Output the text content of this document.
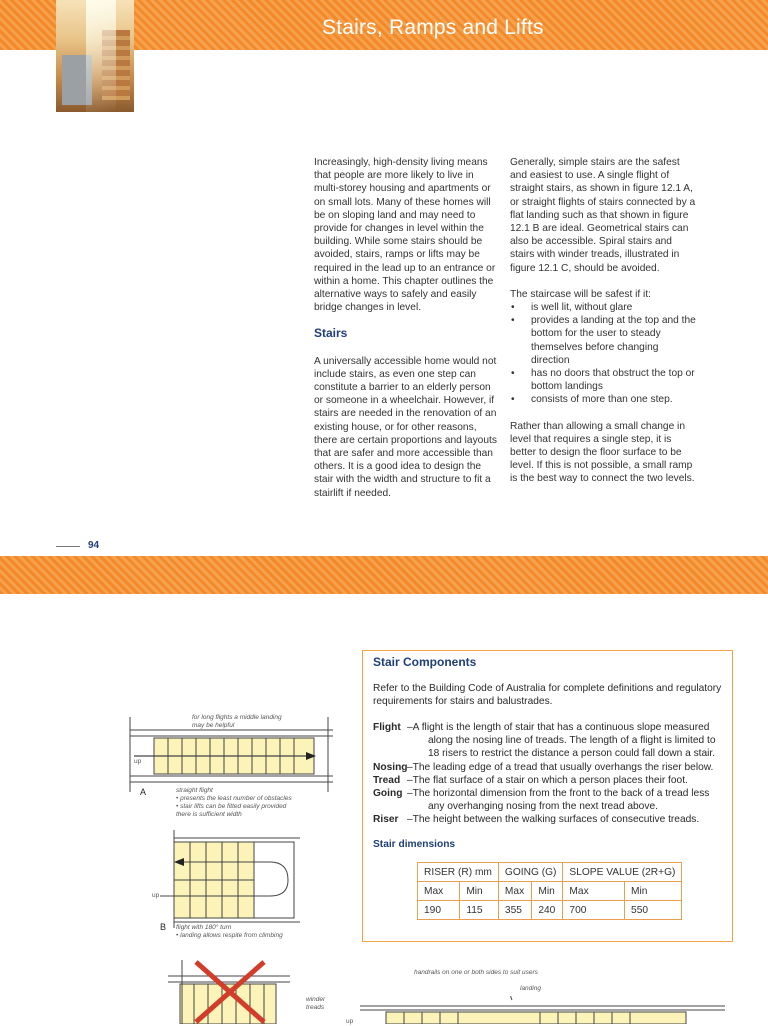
Stairs, Ramps and Lifts

Increasingly, high-density living means that people are more likely to live in multi-storey housing and apartments or on small lots. Many of these homes will be on sloping land and may need to provide for changes in level within the building. While some stairs should be avoided, stairs, ramps or lifts may be required in the lead up to an entrance or within a home. This chapter outlines the alternative ways to safely and easily bridge changes in level.

Stairs

A universally accessible home would not include stairs, as even one step can constitute a barrier to an elderly person or someone in a wheelchair. However, if stairs are needed in the renovation of an existing house, or for other reasons, there are certain proportions and layouts that are safer and more accessible than others. It is a good idea to design the stair with the width and structure to fit a stairlift if needed.

Generally, simple stairs are the safest and easiest to use. A single flight of straight stairs, as shown in figure 12.1 A, or straight flights of stairs connected by a flat landing such as that shown in figure 12.1 B are ideal. Geometrical stairs can also be accessible. Spiral stairs and stairs with winder treads, illustrated in figure 12.1 C, should be avoided.

The staircase will be safest if it:
• is well lit, without glare
• provides a landing at the top and the bottom for the user to steady themselves before changing direction
• has no doors that obstruct the top or bottom landings
• consists of more than one step.

Rather than allowing a small change in level that requires a single step, it is better to design the floor surface to be level. If this is not possible, a small ramp is the best way to connect the two levels.

94
for long flights a middle landing may be helpful
up
A	straight flight
• presents the least number of obstacles
• stair lifts can be fitted easily provided
there is sufficient width
up
B flight with 180° turn
• landing allows respite from climbing
winder treads
handrails on one or both sides to suit users
landing
up
Stair Components
Refer to the Building Code of Australia for complete definitions and regulatory requirements for stairs and balustrades.
Flight –A flight is the length of stair that has a continuous slope measured
along the nosing line of treads. The length of a flight is limited to
18 risers to restrict the distance a person could fall down a stair.
Nosing –The leading edge of a tread that usually overhangs the riser below.
Tread –The flat surface of a stair on which a person places their foot.
Going –The horizontal dimension from the front to the back of a tread less
any overhanging nosing from the next tread above.
Riser –The height between the walking surfaces of consecutive treads.
Stair dimensions
RISER (R) mm		GOING (G)		SLOPE VALUE (2R+G)	
Max	Min	Max	Min	Max	Min
190	115	355	240	700	550
